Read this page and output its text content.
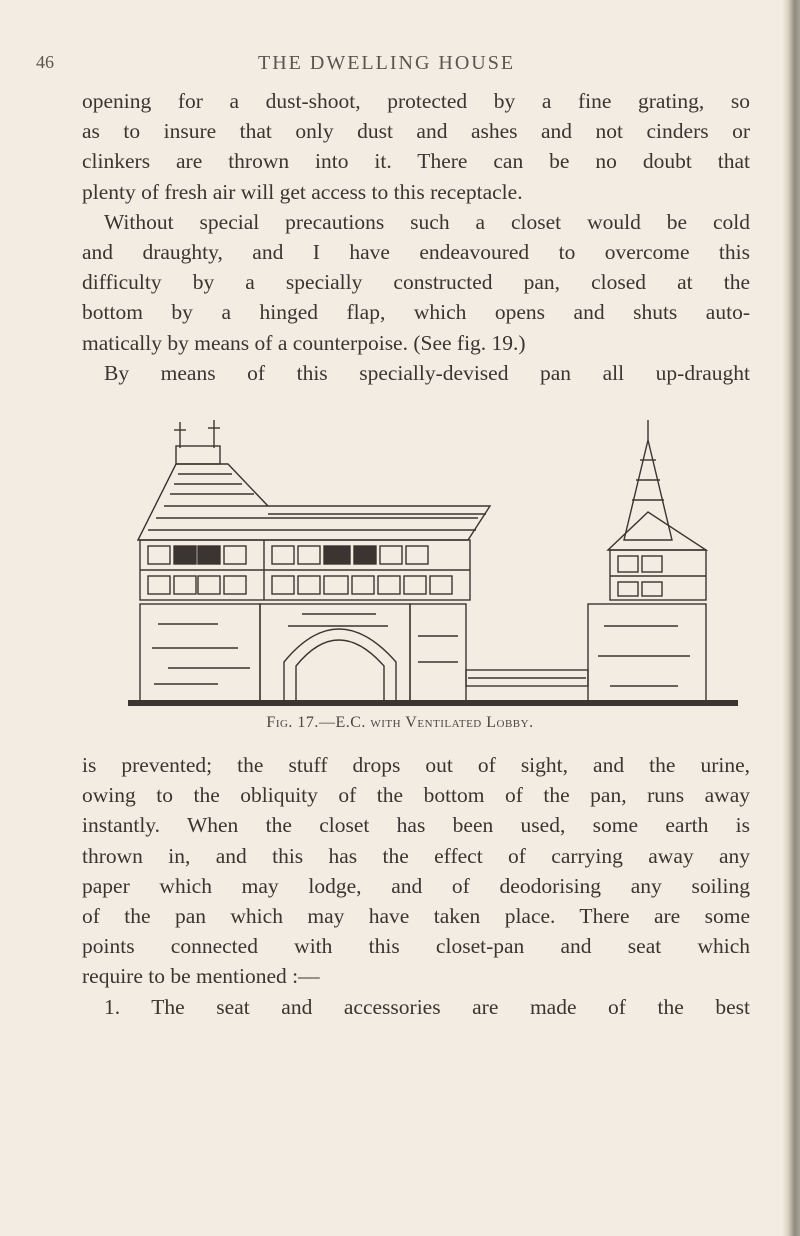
46	THE DWELLING HOUSE
opening for a dust-shoot, protected by a fine grating, so
as to insure that only dust and ashes and not cinders or
clinkers are thrown into it. There can be no doubt that
plenty of fresh air will get access to this receptacle.
Without special precautions such a closet would be cold
and draughty, and I have endeavoured to overcome this
difficulty by a specially constructed pan, closed at the
bottom by a hinged flap, which opens and shuts auto-
matically by means of a counterpoise. (See fig. 19.)
By means of this specially-devised pan all up-draught
Fig. 17.—E.C. with Ventilated Lobby.
is prevented; the stuff drops out of sight, and the urine,
owing to the obliquity of the bottom of the pan, runs away
instantly. When the closet has been used, some earth is
thrown in, and this has the effect of carrying away any
paper which may lodge, and of deodorising any soiling
of the pan which may have taken place. There are some
points connected with this closet-pan and seat which
require to be mentioned :—
1. The seat and accessories are made of the best
